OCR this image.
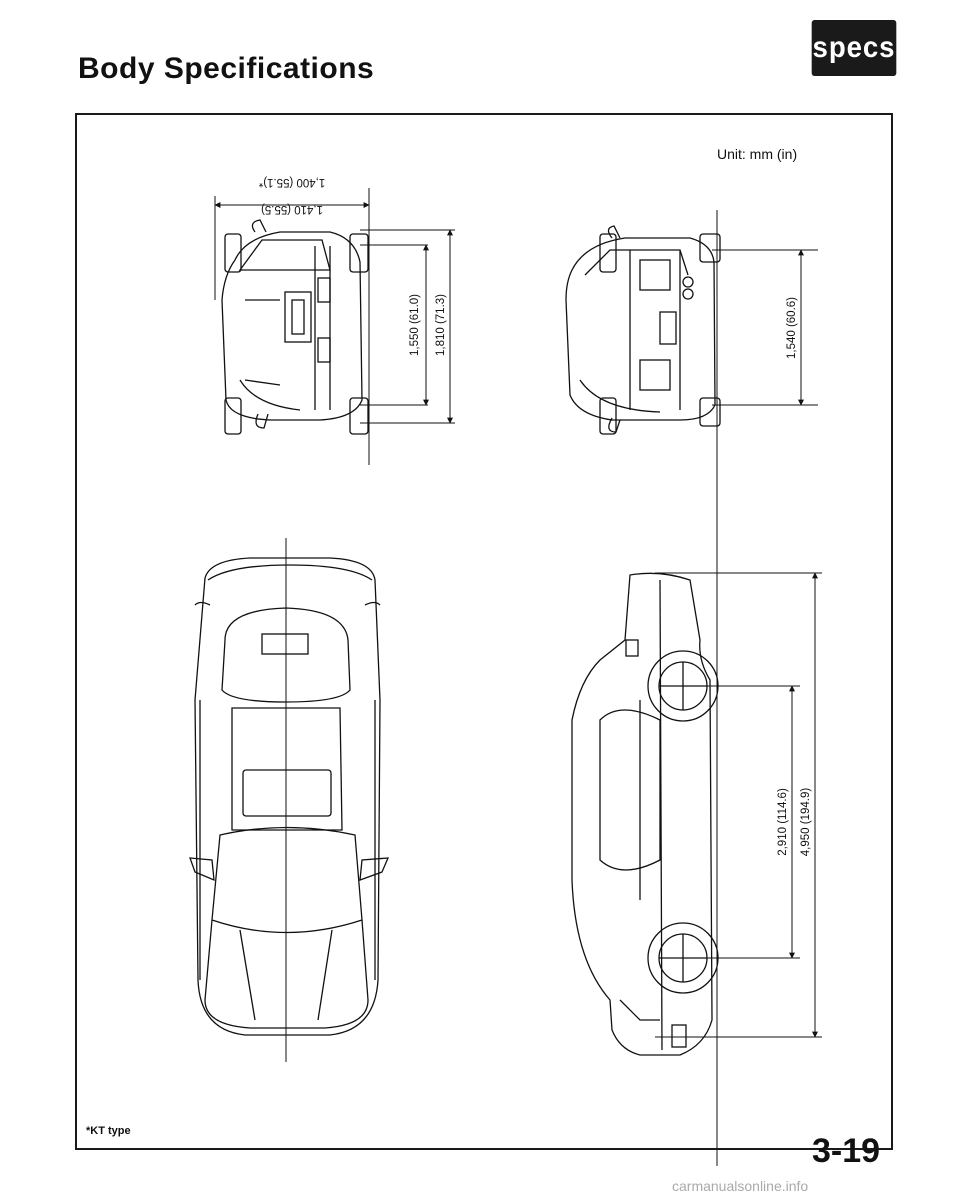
Body Specifications
specs
Unit: mm (in)
1,400 (55.1)*
1,410 (55.5)
1,550 (61.0) 1,810 (71.3)	1,540 (60.6)
2,910 (114.6) 4,950 (194.9)
*KT type
3-19
carmanualsonline.info
